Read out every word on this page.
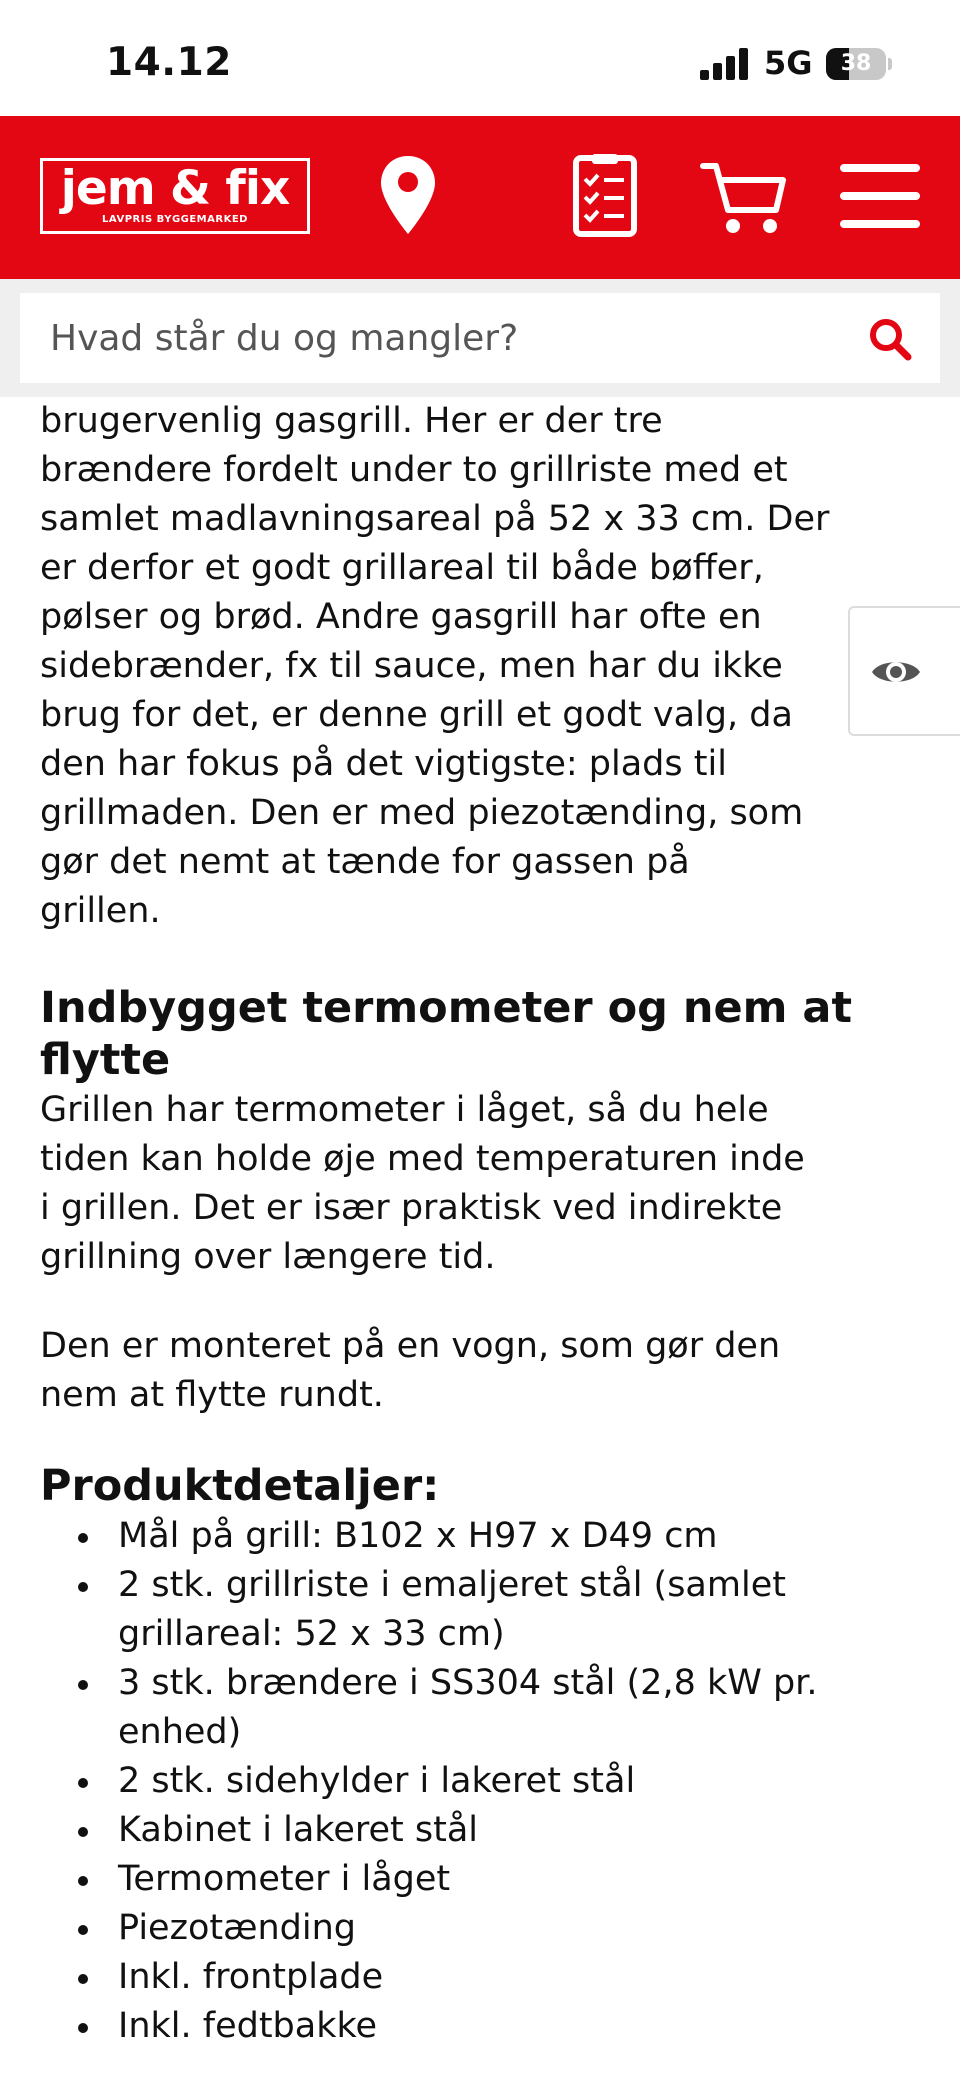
14.12	5G	38
jem & fix
LAVPRIS BYGGEMARKED
Hvad står du og mangler?

brugervenlig gasgrill. Her er der tre
brændere fordelt under to grillriste med et
samlet madlavningsareal på 52 x 33 cm. Der
er derfor et godt grillareal til både bøffer,
pølser og brød. Andre gasgrill har ofte en
sidebrænder, fx til sauce, men har du ikke
brug for det, er denne grill et godt valg, da
den har fokus på det vigtigste: plads til
grillmaden. Den er med piezotænding, som
gør det nemt at tænde for gassen på
grillen.

Indbygget termometer og nem at
flytte

Grillen har termometer i låget, så du hele
tiden kan holde øje med temperaturen inde
i grillen. Det er især praktisk ved indirekte
grillning over længere tid.

Den er monteret på en vogn, som gør den
nem at flytte rundt.

Produktdetaljer:
Mål på grill: B102 x H97 x D49 cm
2 stk. grillriste i emaljeret stål (samlet grillareal: 52 x 33 cm)
3 stk. brændere i SS304 stål (2,8 kW pr. enhed)
2 stk. sidehylder i lakeret stål
Kabinet i lakeret stål
Termometer i låget
Piezotænding
Inkl. frontplade
Inkl. fedtbakke
